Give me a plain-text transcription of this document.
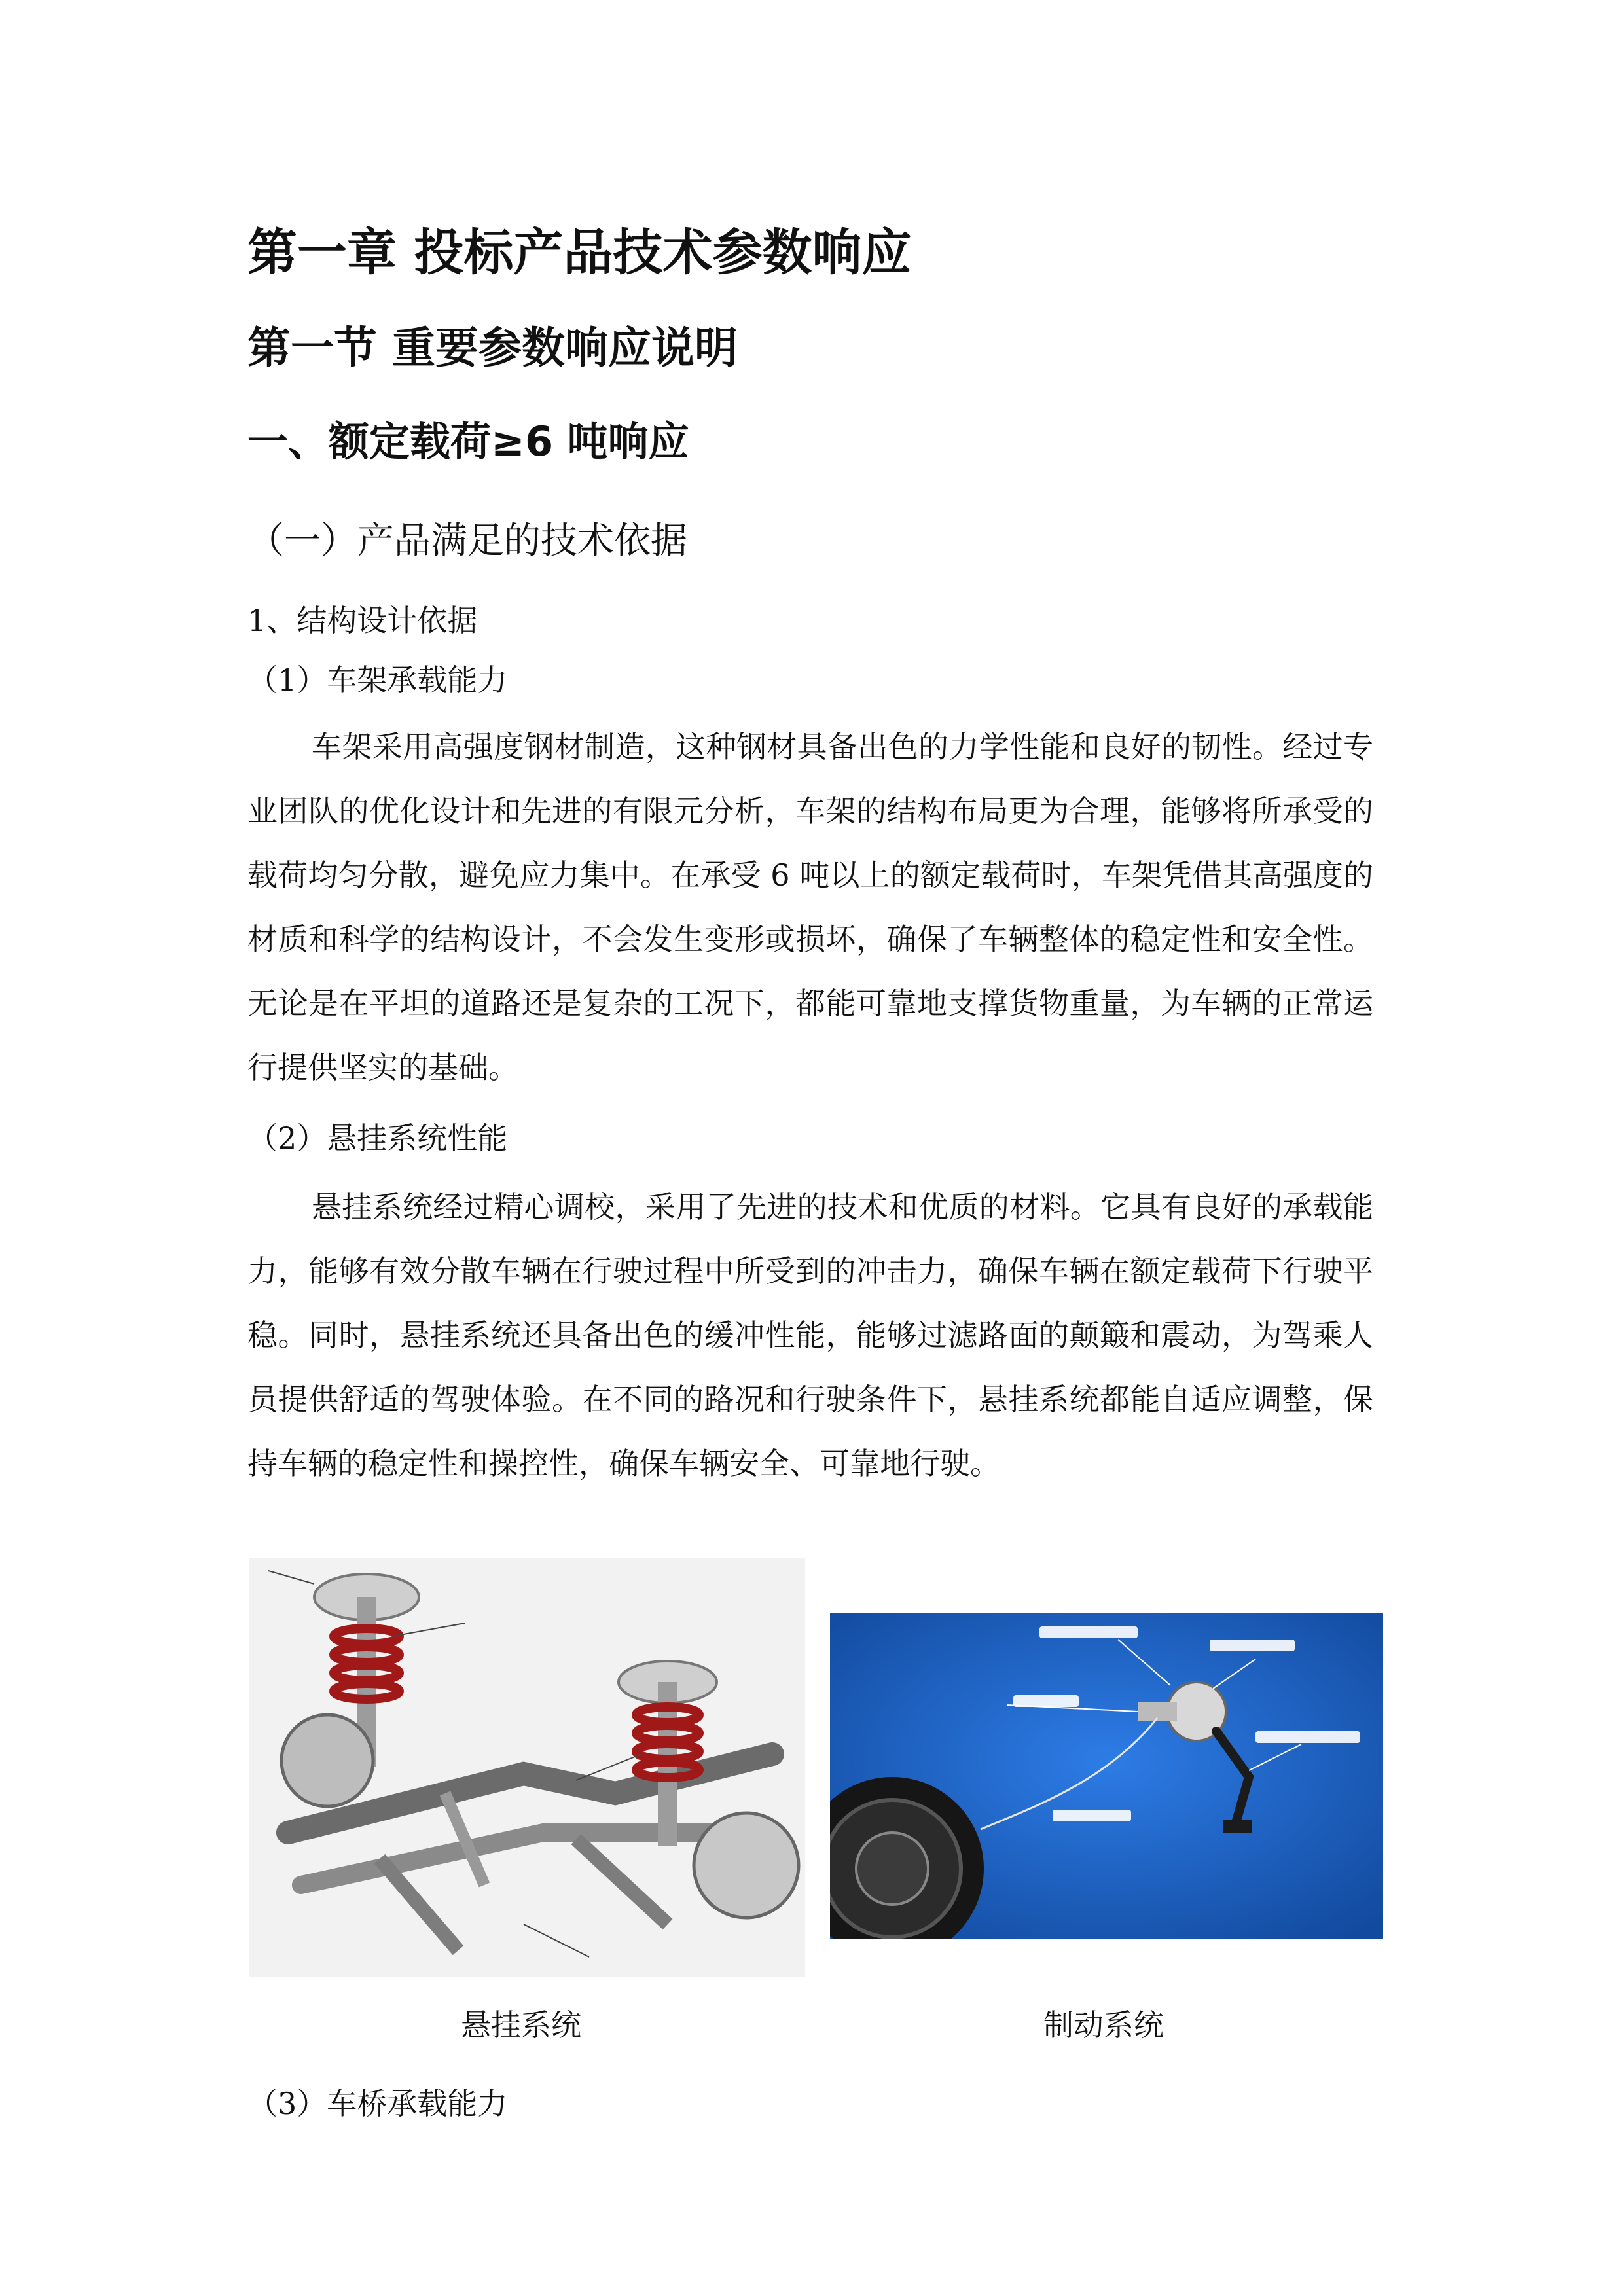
第一章 投标产品技术参数响应
第一节 重要参数响应说明
一、额定载荷≥6 吨响应
（一）产品满足的技术依据
1、结构设计依据
（1）车架承载能力

车架采用高强度钢材制造，这种钢材具备出色的力学性能和良好的韧性。经过专业团队的优化设计和先进的有限元分析，车架的结构布局更为合理，能够将所承受的载荷均匀分散，避免应力集中。在承受 6 吨以上的额定载荷时，车架凭借其高强度的材质和科学的结构设计，不会发生变形或损坏，确保了车辆整体的稳定性和安全性。无论是在平坦的道路还是复杂的工况下，都能可靠地支撑货物重量，为车辆的正常运行提供坚实的基础。

（2）悬挂系统性能

悬挂系统经过精心调校，采用了先进的技术和优质的材料。它具有良好的承载能力，能够有效分散车辆在行驶过程中所受到的冲击力，确保车辆在额定载荷下行驶平稳。同时，悬挂系统还具备出色的缓冲性能，能够过滤路面的颠簸和震动，为驾乘人员提供舒适的驾驶体验。在不同的路况和行驶条件下，悬挂系统都能自适应调整，保持车辆的稳定性和操控性，确保车辆安全、可靠地行驶。

悬挂系统	制动系统
（3）车桥承载能力
